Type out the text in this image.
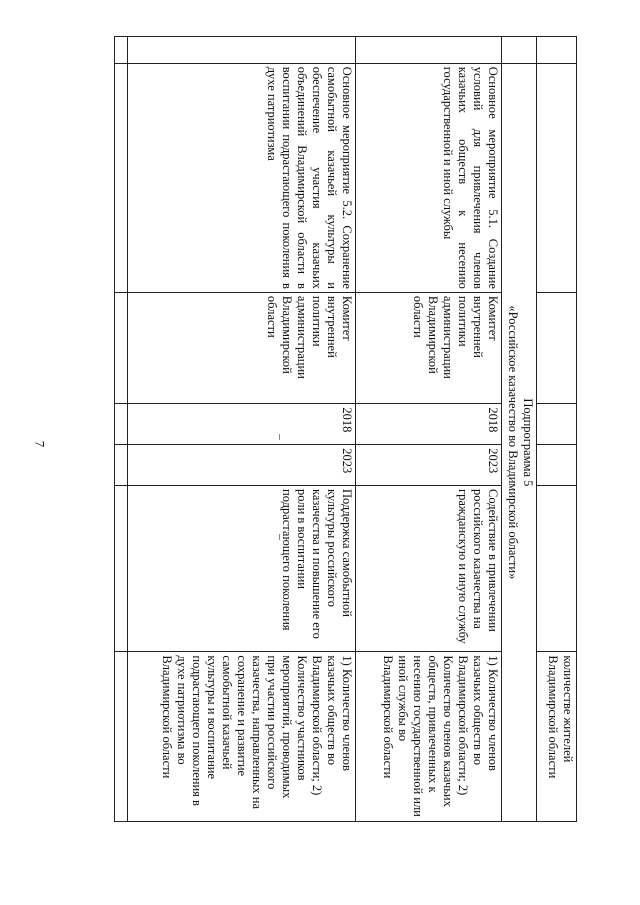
7
						количестве жителей Владимирской области

	Подпрограмма 5
«Российское казачество во Владимирской области»					

	Основное мероприятие 5.1. Создание условий для привлечения членов казачьих обществ к несению государственной и иной службы	Комитет внутренней политики администрации Владимирской области	2018	2023	Содействие в привлечении российского казачества на гражданскую и иную службу	1) Количество членов казачьих обществ во Владимирской области; 2) Количество членов казачьих обществ, привлеченных к несению государственной или иной службы во Владимирской области
	Основное мероприятие 5.2. Сохранение самобытной казачьей культуры и обеспечение участия казачьих объединений Владимирской области в воспитании подрастающего поколения в духе патриотизма	Комитет внутренней политики администрации Владимирской области	2018	2023	Поддержка самобытной культуры российского казачества и повышение его роли в воспитании подрастающего поколения	1) Количество членов казачьих обществ во Владимирской области; 2) Количество участников мероприятий, проводимых при участии российского казачества, направленных на сохранение и развитие самобытной казачьей культуры и воспитание подрастающего поколения в духе патриотизма во Владимирской области
